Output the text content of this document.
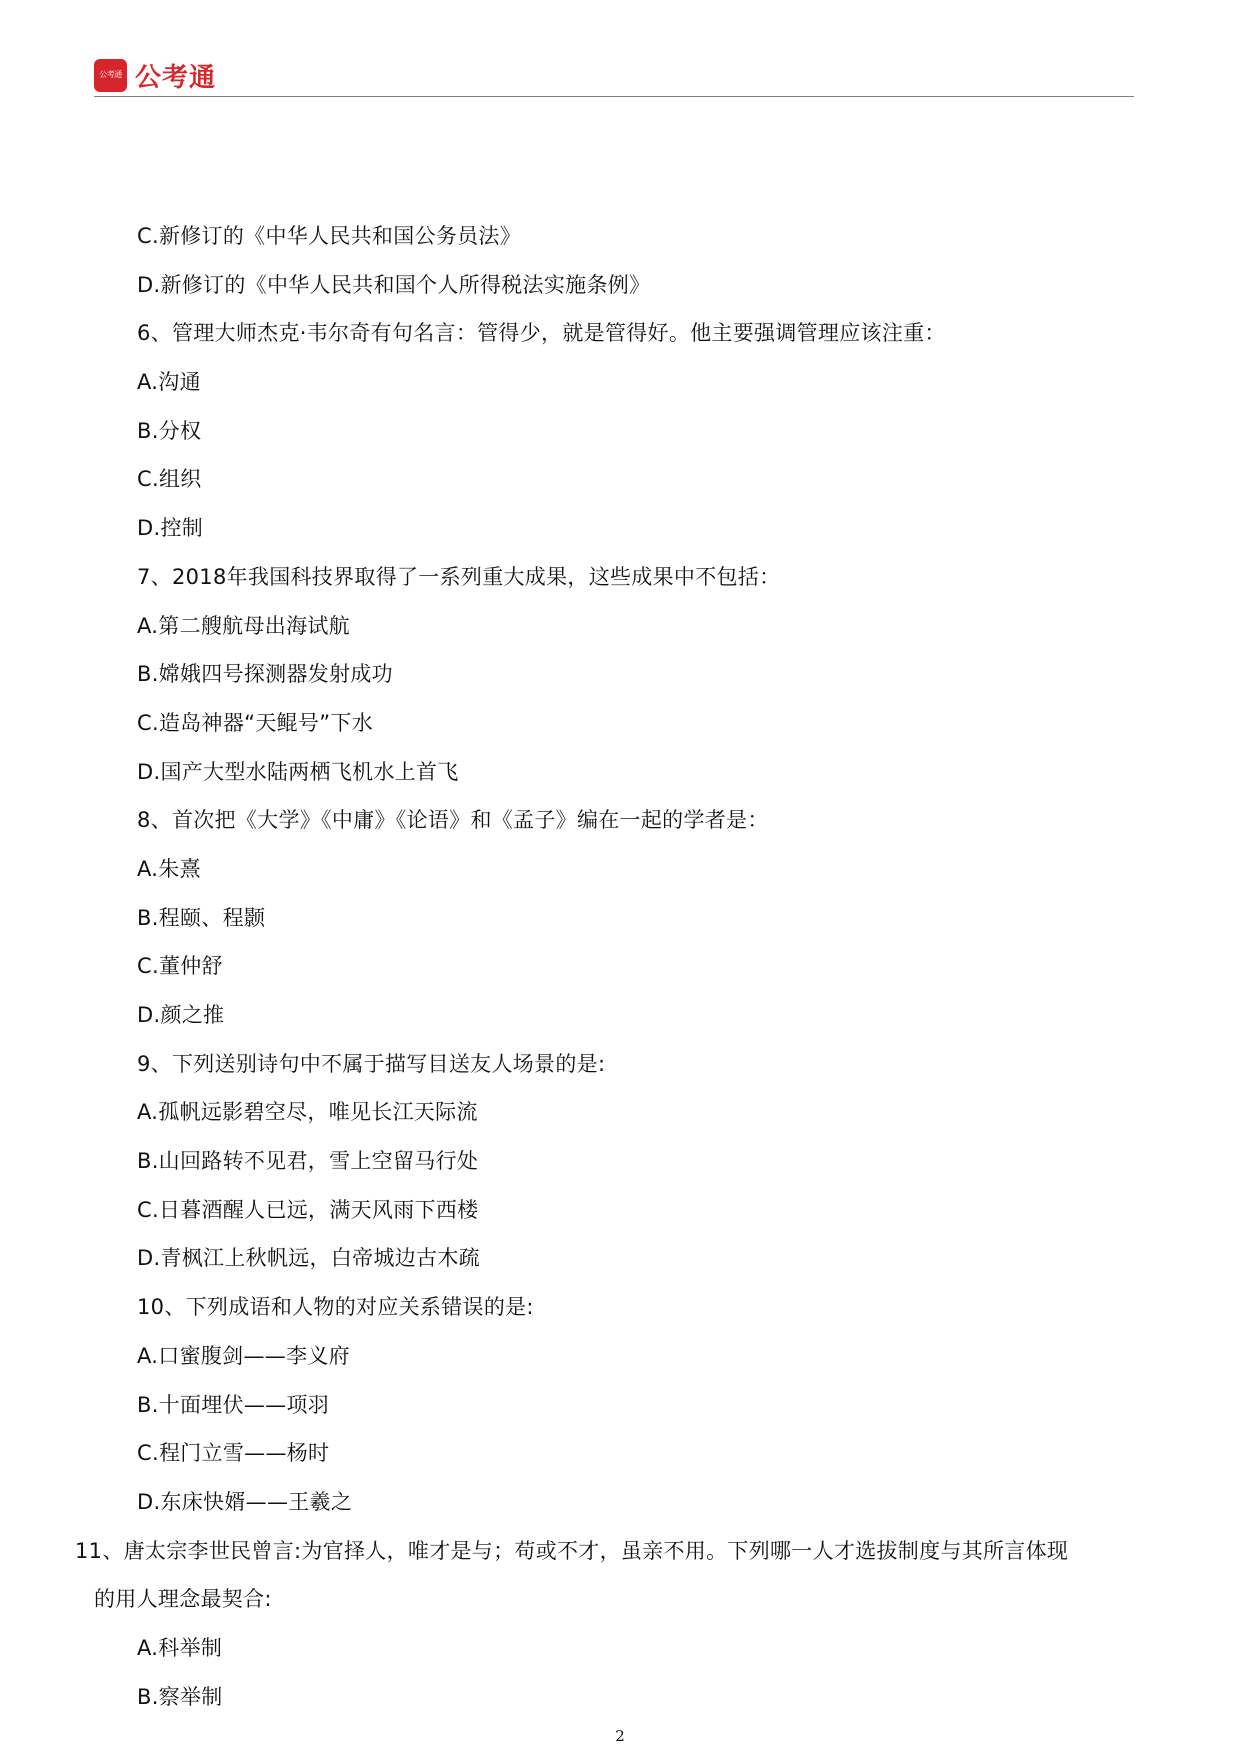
公考通 公考通
C.新修订的《中华人民共和国公务员法》
D.新修订的《中华人民共和国个人所得税法实施条例》
6、管理大师杰克·韦尔奇有句名言：管得少，就是管得好。他主要强调管理应该注重：
A.沟通
B.分权
C.组织
D.控制
7、2018年我国科技界取得了一系列重大成果，这些成果中不包括：
A.第二艘航母出海试航
B.嫦娥四号探测器发射成功
C.造岛神器“天鲲号”下水
D.国产大型水陆两栖飞机水上首飞
8、首次把《大学》《中庸》《论语》和《孟子》编在一起的学者是：
A.朱熹
B.程颐、程颢
C.董仲舒
D.颜之推
9、下列送别诗句中不属于描写目送友人场景的是:
A.孤帆远影碧空尽，唯见长江天际流
B.山回路转不见君，雪上空留马行处
C.日暮酒醒人已远，满天风雨下西楼
D.青枫江上秋帆远，白帝城边古木疏
10、下列成语和人物的对应关系错误的是:
A.口蜜腹剑——李义府
B.十面埋伏——项羽
C.程门立雪——杨时
D.东床快婿——王羲之
11、唐太宗李世民曾言:为官择人，唯才是与；苟或不才，虽亲不用。下列哪一人才选拔制度与其所言体现
的用人理念最契合:
A.科举制
B.察举制
2
